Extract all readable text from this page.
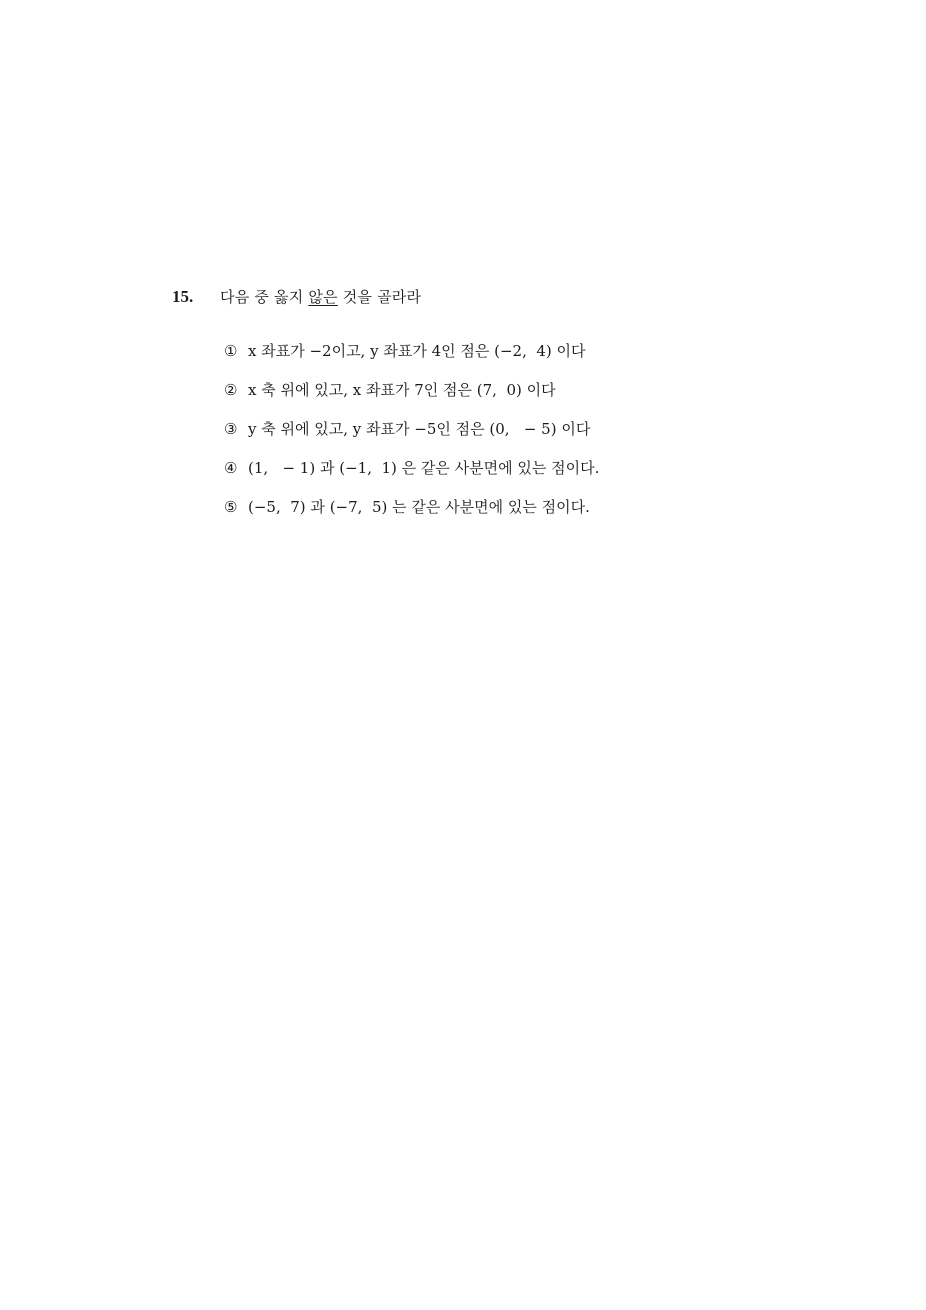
15.	다음 중 옳지 않은 것을 골라라
① x 좌표가 −2이고, y 좌표가 4인 점은 (−2,  4) 이다
② x 축 위에 있고, x 좌표가 7인 점은 (7,  0) 이다
③ y 축 위에 있고, y 좌표가 −5인 점은 (0,   − 5) 이다
④ (1,   − 1) 과 (−1,  1) 은 같은 사분면에 있는 점이다.
⑤ (−5,  7) 과 (−7,  5) 는 같은 사분면에 있는 점이다.
